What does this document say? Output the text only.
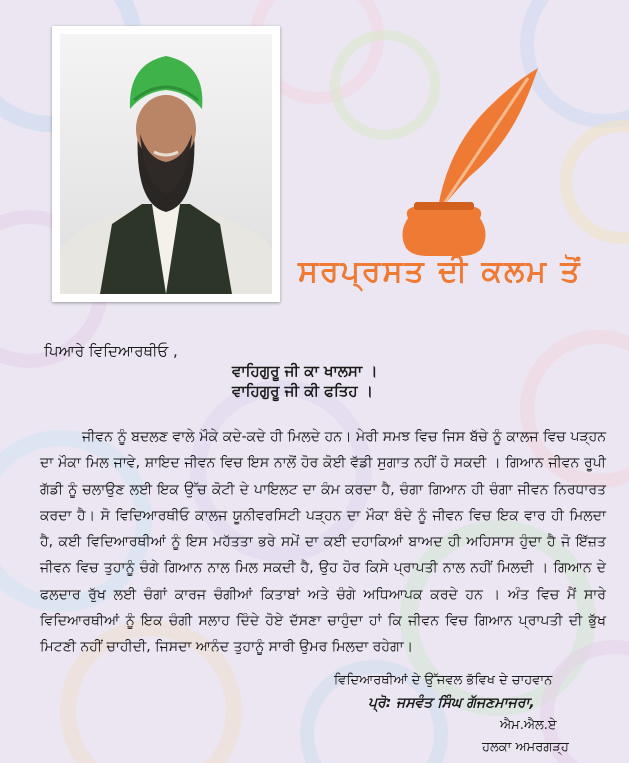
ਸਰਪ੍ਰਸਤ ਦੀ ਕਲਮ ਤੋਂ
ਪਿਆਰੇ ਵਿਦਿਆਰਥੀਓ ,
ਵਾਹਿਗੁਰੂ ਜੀ ਕਾ ਖਾਲਸਾ ।
ਵਾਹਿਗੁਰੂ ਜੀ ਕੀ ਫਤਿਹ ।
ਜੀਵਨ ਨੂੰ ਬਦਲਣ ਵਾਲੇ ਮੌਕੇ ਕਦੇ-ਕਦੇ ਹੀ ਮਿਲਦੇ ਹਨ। ਮੇਰੀ ਸਮਝ ਵਿਚ ਜਿਸ ਬੱਚੇ ਨੂੰ ਕਾਲਜ ਵਿਚ ਪੜ੍ਹਨ ਦਾ ਮੌਕਾ ਮਿਲ ਜਾਵੇ, ਸ਼ਾਇਦ ਜੀਵਨ ਵਿਚ ਇਸ ਨਾਲੋਂ ਹੋਰ ਕੋਈ ਵੱਡੀ ਸੁਗਾਤ ਨਹੀਂ ਹੋ ਸਕਦੀ । ਗਿਆਨ ਜੀਵਨ ਰੂਪੀ ਗੱਡੀ ਨੂੰ ਚਲਾਉਣ ਲਈ ਇਕ ਉੱਚ ਕੋਟੀ ਦੇ ਪਾਇਲਟ ਦਾ ਕੰਮ ਕਰਦਾ ਹੈ, ਚੰਗਾ ਗਿਆਨ ਹੀ ਚੰਗਾ ਜੀਵਨ ਨਿਰਧਾਰਤ ਕਰਦਾ ਹੈ। ਸੋ ਵਿਦਿਆਰਥੀਓ ਕਾਲਜ ਯੂਨੀਵਰਸਿਟੀ ਪੜ੍ਹਨ ਦਾ ਮੌਕਾ ਬੰਦੇ ਨੂੰ ਜੀਵਨ ਵਿਚ ਇਕ ਵਾਰ ਹੀ ਮਿਲਦਾ ਹੈ, ਕਈ ਵਿਦਿਆਰਥੀਆਂ ਨੂੰ ਇਸ ਮਹੱਤਤਾ ਭਰੇ ਸਮੇਂ ਦਾ ਕਈ ਦਹਾਕਿਆਂ ਬਾਅਦ ਹੀ ਅਹਿਸਾਸ ਹੁੰਦਾ ਹੈ ਜੋ ਇੱਜ਼ਤ ਜੀਵਨ ਵਿਚ ਤੁਹਾਨੂੰ ਚੰਗੇ ਗਿਆਨ ਨਾਲ ਮਿਲ ਸਕਦੀ ਹੈ, ਉਹ ਹੋਰ ਕਿਸੇ ਪ੍ਰਾਪਤੀ ਨਾਲ ਨਹੀਂ ਮਿਲਦੀ । ਗਿਆਨ ਦੇ ਫਲਦਾਰ ਰੁੱਖ ਲਈ ਚੰਗਾਂ ਕਾਰਜ ਚੰਗੀਆਂ ਕਿਤਾਬਾਂ ਅਤੇ ਚੰਗੇ ਅਧਿਆਪਕ ਕਰਦੇ ਹਨ । ਅੰਤ ਵਿਚ ਮੈਂ ਸਾਰੇ ਵਿਦਿਆਰਥੀਆਂ ਨੂੰ ਇਕ ਚੰਗੀ ਸਲਾਹ ਦਿੰਦੇ ਹੋਏ ਦੱਸਣਾ ਚਾਹੁੰਦਾ ਹਾਂ ਕਿ ਜੀਵਨ ਵਿਚ ਗਿਆਨ ਪ੍ਰਾਪਤੀ ਦੀ ਭੁੱਖ ਮਿਟਣੀ ਨਹੀਂ ਚਾਹੀਦੀ, ਜਿਸਦਾ ਆਨੰਦ ਤੁਹਾਨੂੰ ਸਾਰੀ ਉਮਰ ਮਿਲਦਾ ਰਹੇਗਾ।
ਵਿਦਿਆਰਥੀਆਂ ਦੇ ਉੱਜਵਲ ਭੱਵਿਖ ਦੇ ਚਾਹਵਾਨ
ਪ੍ਰੋ: ਜਸਵੰਤ ਸਿੰਘ ਗੱਜਣਮਾਜਰਾ,
ਐਮ.ਐਲ.ਏ
ਹਲਕਾ ਅਮਰਗੜ੍ਹ
